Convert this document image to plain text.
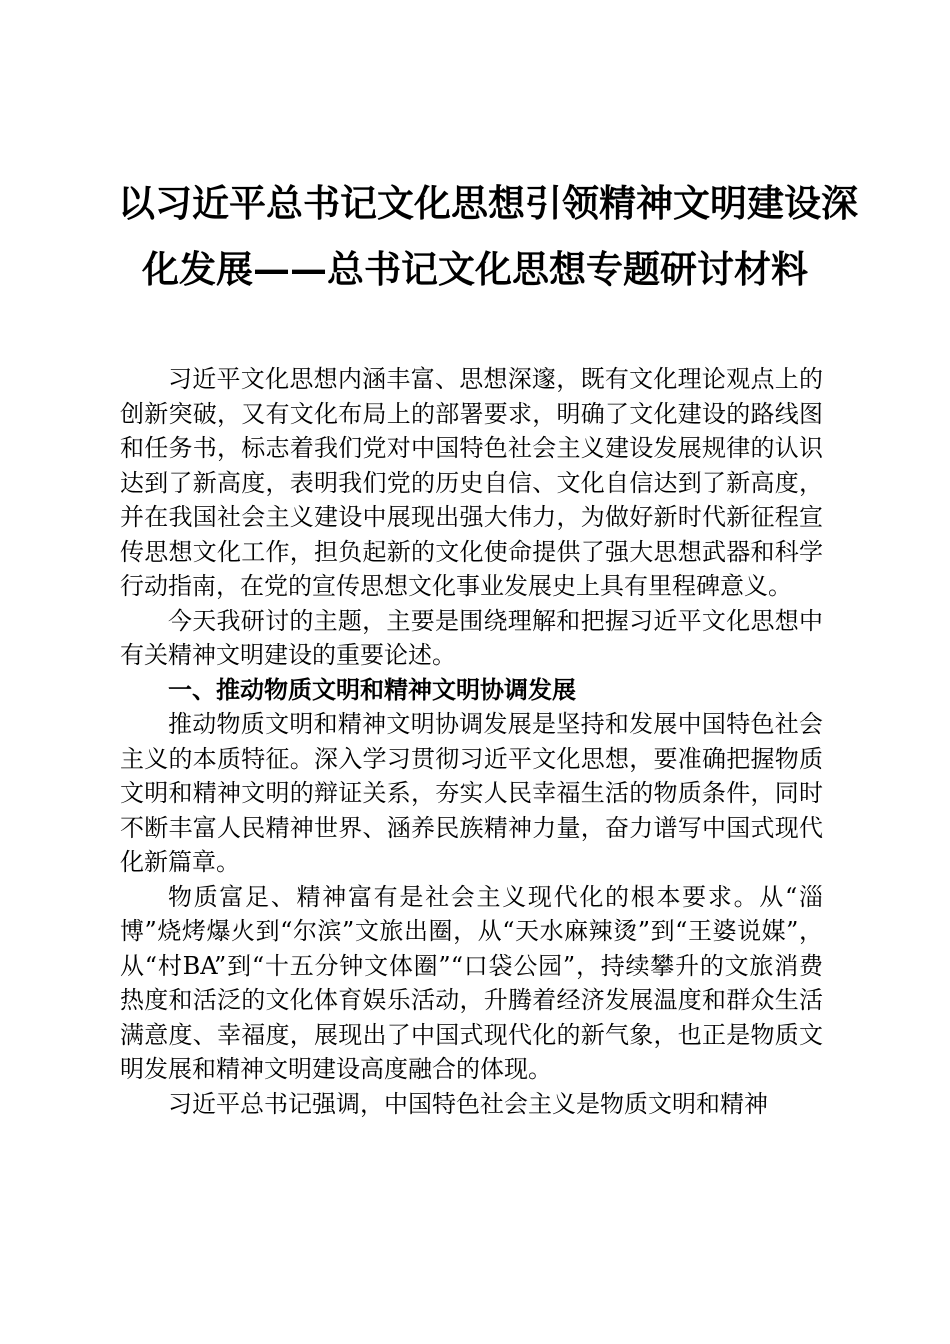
以习近平总书记文化思想引领精神文明建设深
化发展——总书记文化思想专题研讨材料

习近平文化思想内涵丰富、思想深邃，既有文化理论观点上的创新突破，又有文化布局上的部署要求，明确了文化建设的路线图和任务书，标志着我们党对中国特色社会主义建设发展规律的认识达到了新高度，表明我们党的历史自信、文化自信达到了新高度，并在我国社会主义建设中展现出强大伟力，为做好新时代新征程宣传思想文化工作，担负起新的文化使命提供了强大思想武器和科学行动指南，在党的宣传思想文化事业发展史上具有里程碑意义。

今天我研讨的主题，主要是围绕理解和把握习近平文化思想中有关精神文明建设的重要论述。

一、推动物质文明和精神文明协调发展

推动物质文明和精神文明协调发展是坚持和发展中国特色社会主义的本质特征。深入学习贯彻习近平文化思想，要准确把握物质文明和精神文明的辩证关系，夯实人民幸福生活的物质条件，同时不断丰富人民精神世界、涵养民族精神力量，奋力谱写中国式现代化新篇章。

物质富足、精神富有是社会主义现代化的根本要求。从“淄博”烧烤爆火到“尔滨”文旅出圈，从“天水麻辣烫”到“王婆说媒”，从“村BA”到“十五分钟文体圈”“口袋公园”，持续攀升的文旅消费热度和活泛的文化体育娱乐活动，升腾着经济发展温度和群众生活满意度、幸福度，展现出了中国式现代化的新气象，也正是物质文明发展和精神文明建设高度融合的体现。

习近平总书记强调，中国特色社会主义是物质文明和精神
